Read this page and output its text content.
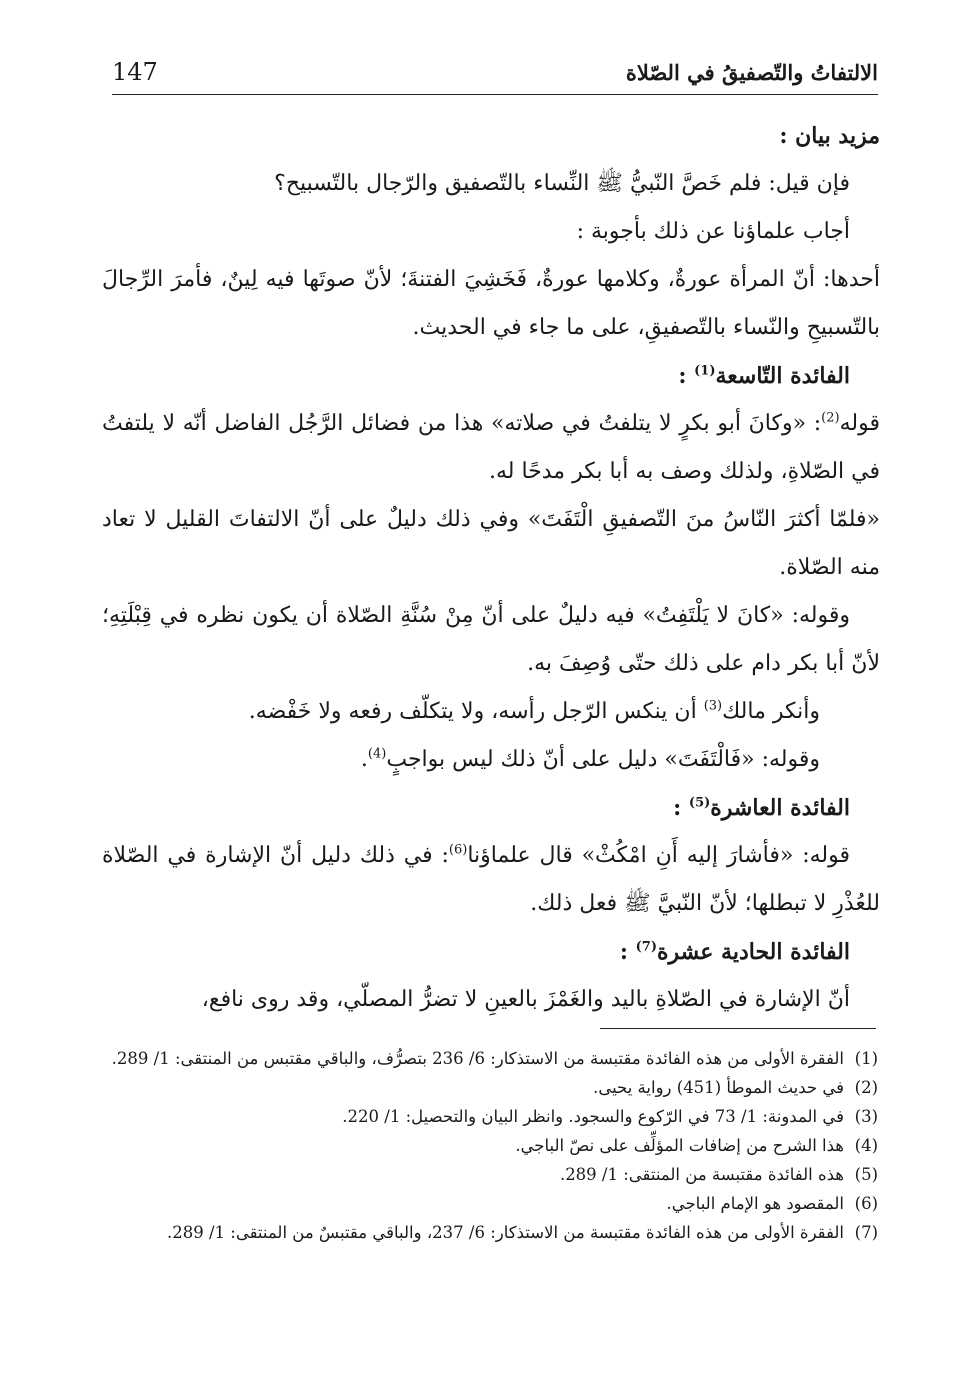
147	الالتفاتُ والتّصفيقُ في الصّلاة

مزيد بيان :

فإن قيل: فلم خَصَّ النّبيُّ ﷺ النِّساء بالتّصفيق والرّجال بالتّسبيح؟

أجاب علماؤنا عن ذلك بأجوبة :

أحدها: أنّ المرأة عورةٌ، وكلامها عورةٌ، فَخَشِيَ الفتنةَ؛ لأنّ صوتَها فيه لِينٌ، فأمرَ الرِّجالَ بالتّسبيحِ والنّساء بالتّصفيقِ، على ما جاء في الحديث.

الفائدة التّاسعة$^{(1)}$ :

قوله$^{(2)}$: «وكانَ أبو بكرٍ لا يتلفتُ في صلاته» هذا من فضائل الرَّجُل الفاضل أنّه لا يلتفتُ في الصّلاةِ، ولذلك وصف به أبا بكر مدحًا له.

«فلمّا أكثرَ النّاسُ منَ التّصفيقِ الْتَفَتَ» وفي ذلك دليلٌ على أنّ الالتفاتَ القليل لا تعاد منه الصّلاة.

وقوله: «كانَ لا يَلْتَفِتُ» فيه دليلٌ على أنّ مِنْ سُنَّةِ الصّلاة أن يكون نظره في قِبْلَتِهِ؛ لأنّ أبا بكر دام على ذلك حتّى وُصِفَ به.

وأنكر مالك$^{(3)}$ أن ينكس الرّجل رأسه، ولا يتكلّف رفعه ولا خَفْضه.

وقوله: «فَالْتَفَتَ» دليل على أنّ ذلك ليس بواجبٍ$^{(4)}$.

الفائدة العاشرة$^{(5)}$ :

قوله: «فأشارَ إليه أَنِ امْكُثْ» قال علماؤنا$^{(6)}$: في ذلك دليل أنّ الإشارة في الصّلاة للعُذْرِ لا تبطلها؛ لأنّ النّبيَّ ﷺ فعل ذلك.

الفائدة الحادية عشرة$^{(7)}$ :

أنّ الإشارة في الصّلاةِ باليد والغَمْزَ بالعينِ لا تضرُّ المصلّي، وقد روى نافع،

(1)
الفقرة الأولى من هذه الفائدة مقتبسة من الاستذكار: 6/ 236 بتصرُّف، والباقي مقتبس من المنتقى: 1/ 289.

(2)
في حديث الموطأ (451) رواية يحيى.

(3)
في المدونة: 1/ 73 في الرّكوع والسجود. وانظر البيان والتحصيل: 1/ 220.

(4)
هذا الشرح من إضافات المؤلِّف على نصّ الباجي.

(5)
هذه الفائدة مقتبسة من المنتقى: 1/ 289.

(6)
المقصود هو الإمام الباجي.

(7)
الفقرة الأولى من هذه الفائدة مقتبسة من الاستذكار: 6/ 237، والباقي مقتبسٌ من المنتقى: 1/ 289.
